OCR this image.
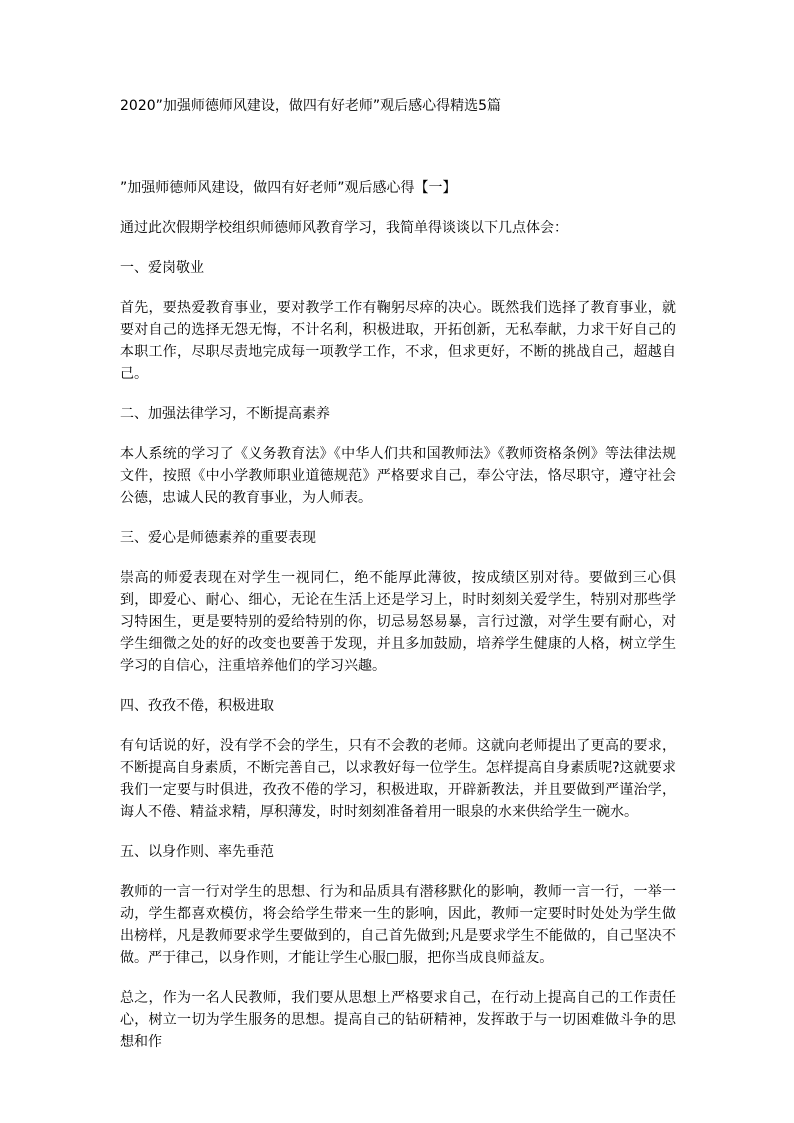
2020”加强师德师风建设，做四有好老师”观后感心得精选5篇

”加强师德师风建设，做四有好老师”观后感心得【一】

通过此次假期学校组织师德师风教育学习，我简单得谈谈以下几点体会：

一、爱岗敬业

首先，要热爱教育事业，要对教学工作有鞠躬尽瘁的决心。既然我们选择了教育事业，就要对自己的选择无怨无悔，不计名利，积极进取，开拓创新，无私奉献，力求干好自己的本职工作，尽职尽责地完成每一项教学工作，不求，但求更好，不断的挑战自己，超越自己。

二、加强法律学习，不断提高素养

本人系统的学习了《义务教育法》《中华人们共和国教师法》《教师资格条例》等法律法规文件，按照《中小学教师职业道德规范》严格要求自己，奉公守法，恪尽职守，遵守社会公德，忠诚人民的教育事业，为人师表。

三、爱心是师德素养的重要表现

崇高的师爱表现在对学生一视同仁，绝不能厚此薄彼，按成绩区别对待。要做到三心俱到，即爱心、耐心、细心，无论在生活上还是学习上，时时刻刻关爱学生，特别对那些学习特困生，更是要特别的爱给特别的你，切忌易怒易暴，言行过激，对学生要有耐心，对学生细微之处的好的改变也要善于发现，并且多加鼓励，培养学生健康的人格，树立学生学习的自信心，注重培养他们的学习兴趣。

四、孜孜不倦，积极进取

有句话说的好，没有学不会的学生，只有不会教的老师。这就向老师提出了更高的要求，不断提高自身素质，不断完善自己，以求教好每一位学生。怎样提高自身素质呢?这就要求我们一定要与时俱进，孜孜不倦的学习，积极进取，开辟新教法，并且要做到严谨治学，诲人不倦、精益求精，厚积薄发，时时刻刻准备着用一眼泉的水来供给学生一碗水。

五、以身作则、率先垂范

教师的一言一行对学生的思想、行为和品质具有潜移默化的影响，教师一言一行，一举一动，学生都喜欢模仿，将会给学生带来一生的影响，因此，教师一定要时时处处为学生做出榜样，凡是教师要求学生要做到的，自己首先做到;凡是要求学生不能做的，自己坚决不做。严于律己，以身作则，才能让学生心服□服，把你当成良师益友。

总之，作为一名人民教师，我们要从思想上严格要求自己，在行动上提高自己的工作责任心，树立一切为学生服务的思想。提高自己的钻研精神，发挥敢于与一切困难做斗争的思想和作
